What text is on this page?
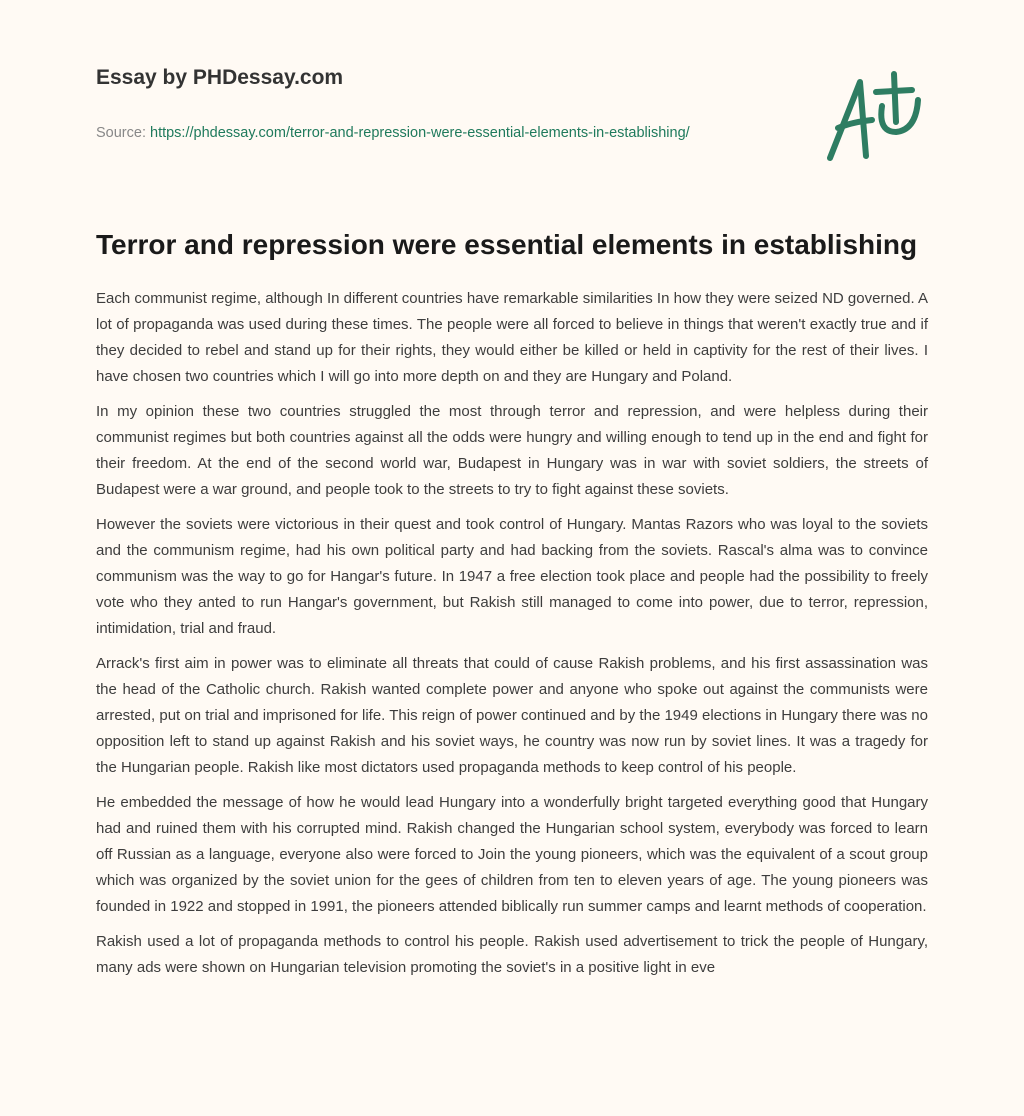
Essay by PHDessay.com
Source: https://phdessay.com/terror-and-repression-were-essential-elements-in-establishing/
Terror and repression were essential elements in establishing

Each communist regime, although In different countries have remarkable similarities In how they were seized ND governed. A lot of propaganda was used during these times. The people were all forced to believe in things that weren't exactly true and if they decided to rebel and stand up for their rights, they would either be killed or held in captivity for the rest of their lives. I have chosen two countries which I will go into more depth on and they are Hungary and Poland.

In my opinion these two countries struggled the most through terror and repression, and were helpless during their communist regimes but both countries against all the odds were hungry and willing enough to tend up in the end and fight for their freedom. At the end of the second world war, Budapest in Hungary was in war with soviet soldiers, the streets of Budapest were a war ground, and people took to the streets to try to fight against these soviets.

However the soviets were victorious in their quest and took control of Hungary. Mantas Razors who was loyal to the soviets and the communism regime, had his own political party and had backing from the soviets. Rascal's alma was to convince communism was the way to go for Hangar's future. In 1947 a free election took place and people had the possibility to freely vote who they anted to run Hangar's government, but Rakish still managed to come into power, due to terror, repression, intimidation, trial and fraud.

Arrack's first aim in power was to eliminate all threats that could of cause Rakish problems, and his first assassination was the head of the Catholic church. Rakish wanted complete power and anyone who spoke out against the communists were arrested, put on trial and imprisoned for life. This reign of power continued and by the 1949 elections in Hungary there was no opposition left to stand up against Rakish and his soviet ways, he country was now run by soviet lines. It was a tragedy for the Hungarian people. Rakish like most dictators used propaganda methods to keep control of his people.

He embedded the message of how he would lead Hungary into a wonderfully bright targeted everything good that Hungary had and ruined them with his corrupted mind. Rakish changed the Hungarian school system, everybody was forced to learn off Russian as a language, everyone also were forced to Join the young pioneers, which was the equivalent of a scout group which was organized by the soviet union for the gees of children from ten to eleven years of age. The young pioneers was founded in 1922 and stopped in 1991, the pioneers attended biblically run summer camps and learnt methods of cooperation.

Rakish used a lot of propaganda methods to control his people. Rakish used advertisement to trick the people of Hungary, many ads were shown on Hungarian television promoting the soviet's in a positive light in eve
